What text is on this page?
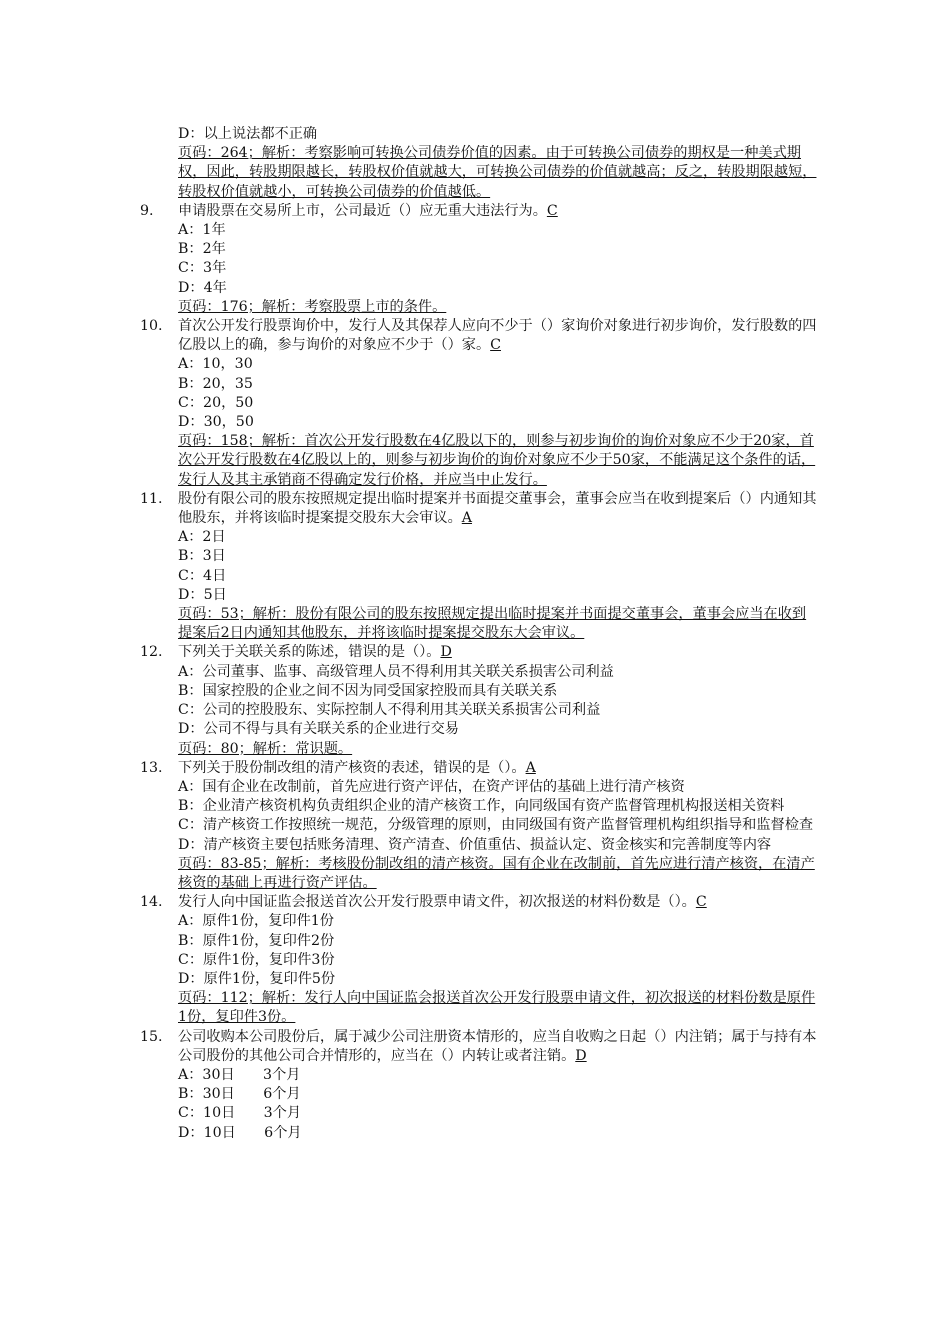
D：以上说法都不正确
页码：264；解析：考察影响可转换公司债券价值的因素。由于可转换公司债券的期权是一种美式期权，因此，转股期限越长，转股权价值就越大，可转换公司债券的价值就越高；反之，转股期限越短，转股权价值就越小，可转换公司债券的价值越低。
9.	申请股票在交易所上市，公司最近（）应无重大违法行为。C
A：1年
B：2年
C：3年
D：4年
页码：176；解析：考察股票上市的条件。
10.	首次公开发行股票询价中，发行人及其保荐人应向不少于（）家询价对象进行初步询价，发行股数的四亿股以上的确，参与询价的对象应不少于（）家。C
A：10，30
B：20，35
C：20，50
D：30，50
页码：158；解析：首次公开发行股数在4亿股以下的，则参与初步询价的询价对象应不少于20家，首次公开发行股数在4亿股以上的，则参与初步询价的询价对象应不少于50家，不能满足这个条件的话，发行人及其主承销商不得确定发行价格，并应当中止发行。
11.	股份有限公司的股东按照规定提出临时提案并书面提交董事会，董事会应当在收到提案后（）内通知其他股东，并将该临时提案提交股东大会审议。A
A：2日
B：3日
C：4日
D：5日
页码：53；解析：股份有限公司的股东按照规定提出临时提案并书面提交董事会，董事会应当在收到提案后2日内通知其他股东，并将该临时提案提交股东大会审议。
12.	下列关于关联关系的陈述，错误的是（）。D
A：公司董事、监事、高级管理人员不得利用其关联关系损害公司利益
B：国家控股的企业之间不因为同受国家控股而具有关联关系
C：公司的控股股东、实际控制人不得利用其关联关系损害公司利益
D：公司不得与具有关联关系的企业进行交易
页码：80；解析：常识题。
13.	下列关于股份制改组的清产核资的表述，错误的是（）。A
A：国有企业在改制前，首先应进行资产评估，在资产评估的基础上进行清产核资
B：企业清产核资机构负责组织企业的清产核资工作，向同级国有资产监督管理机构报送相关资料
C：清产核资工作按照统一规范，分级管理的原则，由同级国有资产监督管理机构组织指导和监督检查
D：清产核资主要包括账务清理、资产清查、价值重估、损益认定、资金核实和完善制度等内容
页码：83-85；解析：考核股份制改组的清产核资。国有企业在改制前，首先应进行清产核资，在清产核资的基础上再进行资产评估。
14.	发行人向中国证监会报送首次公开发行股票申请文件，初次报送的材料份数是（）。C
A：原件1份，复印件1份
B：原件1份，复印件2份
C：原件1份，复印件3份
D：原件1份，复印件5份
页码：112；解析：发行人向中国证监会报送首次公开发行股票申请文件，初次报送的材料份数是原件1份，复印件3份。
15.	公司收购本公司股份后，属于减少公司注册资本情形的，应当自收购之日起（）内注销；属于与持有本公司股份的其他公司合并情形的，应当在（）内转让或者注销。D
A：30日　　3个月
B：30日　　6个月
C：10日　　3个月
D：10日　　6个月
